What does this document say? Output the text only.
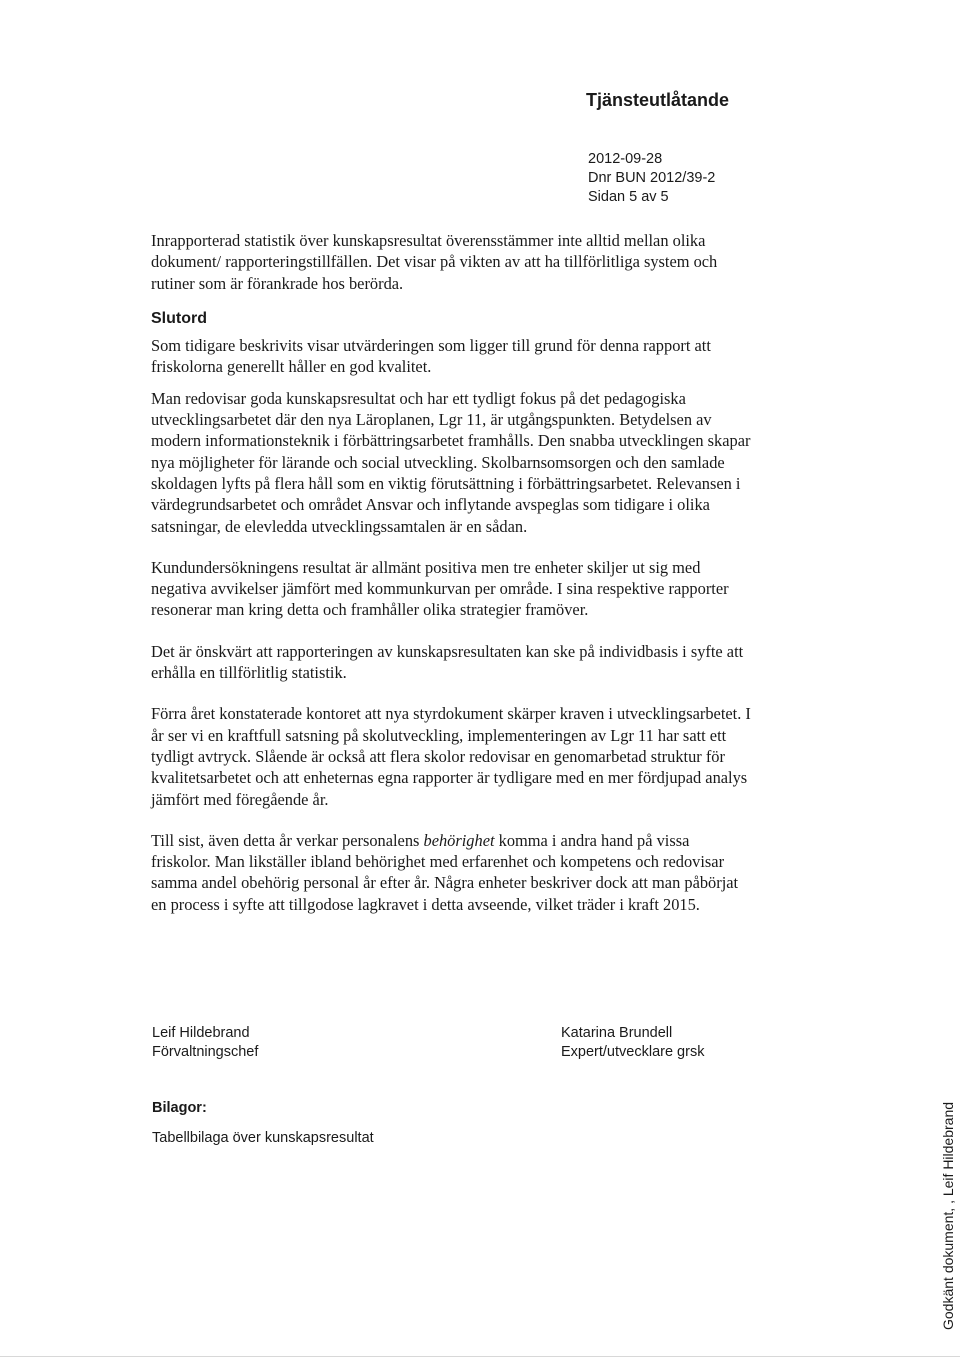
Tjänsteutlåtande
2012-09-28
Dnr BUN 2012/39-2
Sidan 5 av 5

Inrapporterad statistik över kunskapsresultat överensstämmer inte alltid mellan olika dokument/ rapporteringstillfällen. Det visar på vikten av att ha tillförlitliga system och rutiner som är förankrade hos berörda.

Slutord

Som tidigare beskrivits visar utvärderingen som ligger till grund för denna rapport att friskolorna generellt håller en god kvalitet.

Man redovisar goda kunskapsresultat och har ett tydligt fokus på det pedagogiska utvecklingsarbetet där den nya Läroplanen, Lgr 11, är utgångspunkten. Betydelsen av modern informationsteknik i förbättringsarbetet framhålls. Den snabba utvecklingen skapar nya möjligheter för lärande och social utveckling. Skolbarnsomsorgen och den samlade skoldagen lyfts på flera håll som en viktig förutsättning i förbättringsarbetet. Relevansen i värdegrundsarbetet och området Ansvar och inflytande avspeglas som tidigare i olika satsningar, de elevledda utvecklingssamtalen är en sådan.

Kundundersökningens resultat är allmänt positiva men tre enheter skiljer ut sig med negativa avvikelser jämfört med kommunkurvan per område. I sina respektive rapporter resonerar man kring detta och framhåller olika strategier framöver.

Det är önskvärt att rapporteringen av kunskapsresultaten kan ske på individbasis i syfte att erhålla en tillförlitlig statistik.

Förra året konstaterade kontoret att nya styrdokument skärper kraven i utvecklingsarbetet. I år ser vi en kraftfull satsning på skolutveckling, implementeringen av Lgr 11 har satt ett tydligt avtryck. Slående är också att flera skolor redovisar en genomarbetad struktur för kvalitetsarbetet och att enheternas egna rapporter är tydligare med en mer fördjupad analys jämfört med föregående år.

Till sist, även detta år verkar personalens behörighet komma i andra hand på vissa friskolor. Man likställer ibland behörighet med erfarenhet och kompetens och redovisar samma andel obehörig personal år efter år. Några enheter beskriver dock att man påbörjat en process i syfte att tillgodose lagkravet i detta avseende, vilket träder i kraft 2015.

Leif Hildebrand
Förvaltningschef
Katarina Brundell
Expert/utvecklare grsk
Bilagor:
Tabellbilaga över kunskapsresultat	Godkänt dokument, , Leif Hildebrand
